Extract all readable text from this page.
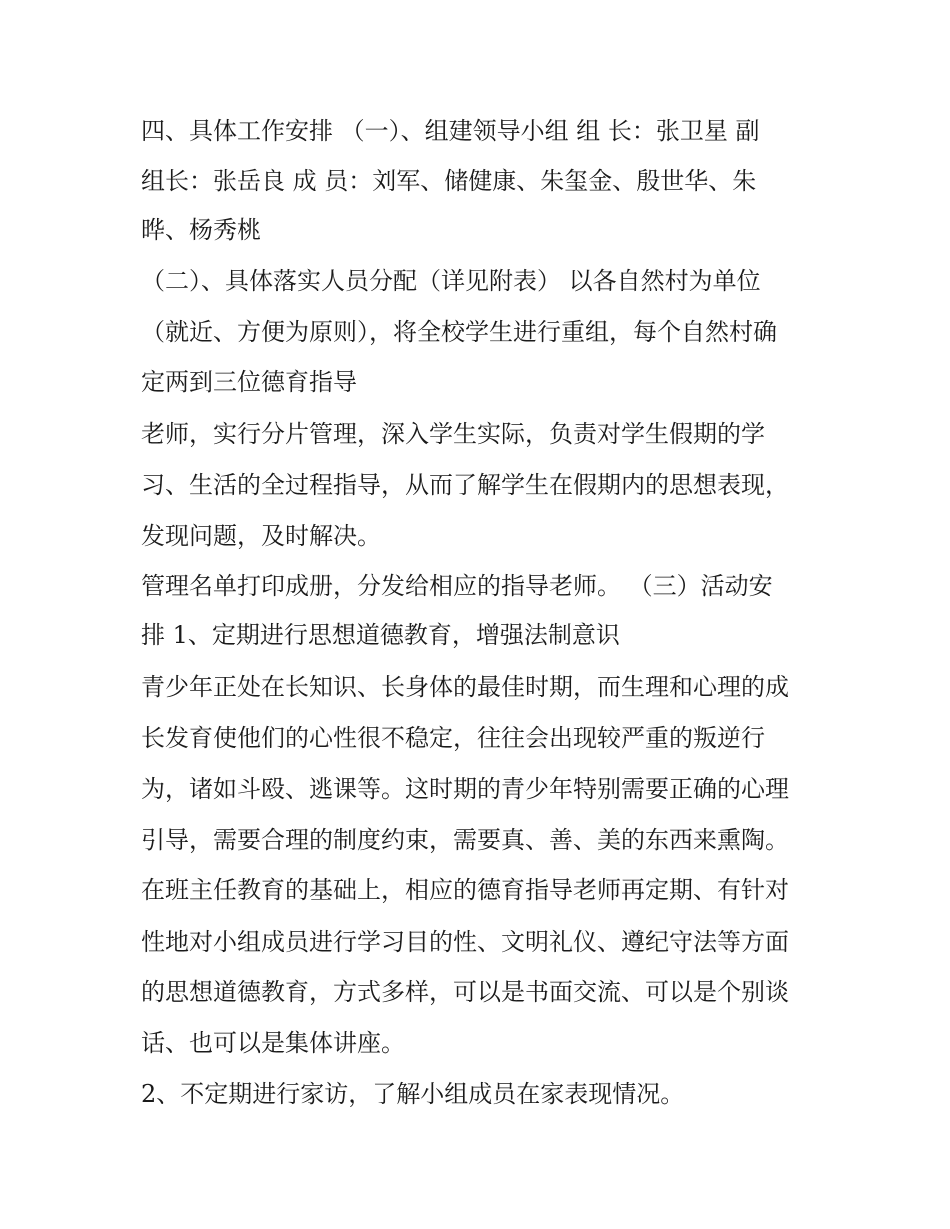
四、具体工作安排 （一）、组建领导小组 组 长：张卫星 副

组长：张岳良 成 员：刘军、储健康、朱玺金、殷世华、朱

晔、杨秀桃

（二）、具体落实人员分配（详见附表） 以各自然村为单位

（就近、方便为原则），将全校学生进行重组，每个自然村确

定两到三位德育指导

老师，实行分片管理，深入学生实际，负责对学生假期的学

习、生活的全过程指导，从而了解学生在假期内的思想表现，

发现问题，及时解决。

管理名单打印成册，分发给相应的指导老师。 （三）活动安

排 1、定期进行思想道德教育，增强法制意识

青少年正处在长知识、长身体的最佳时期，而生理和心理的成

长发育使他们的心性很不稳定，往往会出现较严重的叛逆行

为，诸如斗殴、逃课等。这时期的青少年特别需要正确的心理

引导，需要合理的制度约束，需要真、善、美的东西来熏陶。

在班主任教育的基础上，相应的德育指导老师再定期、有针对

性地对小组成员进行学习目的性、文明礼仪、遵纪守法等方面

的思想道德教育，方式多样，可以是书面交流、可以是个别谈

话、也可以是集体讲座。

2、不定期进行家访，了解小组成员在家表现情况。
